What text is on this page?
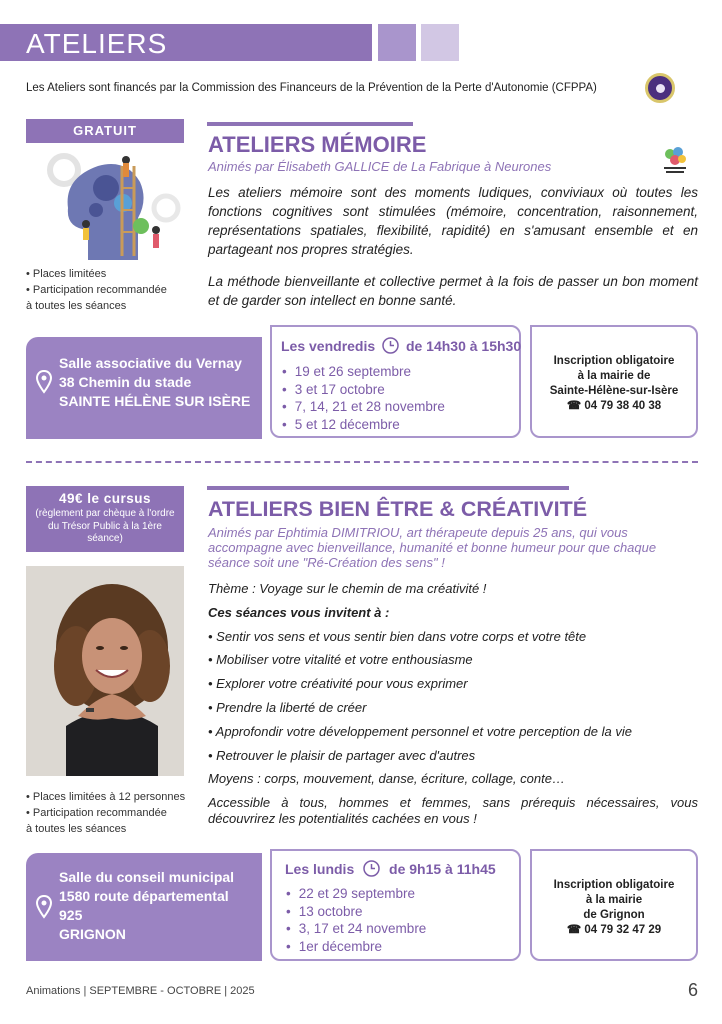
ATELIERS
Les Ateliers sont financés par la Commission des Financeurs de la Prévention de la Perte d'Autonomie (CFPPA)
GRATUIT
• Places limitées
• Participation recommandée
à toutes les séances
ATELIERS MÉMOIRE
Animés par Élisabeth GALLICE de La Fabrique à Neurones
Les ateliers mémoire sont des moments ludiques, conviviaux où toutes les fonctions cognitives sont stimulées (mémoire, concentration, raisonnement, représentations spatiales, flexibilité, rapidité) en s'amusant ensemble et en partageant nos propres stratégies.
La méthode bienveillante et collective permet à la fois de passer un bon moment et de garder son intellect en bonne santé.
Salle associative du Vernay
38 Chemin du stade
SAINTE HÉLÈNE SUR ISÈRE
Les vendredis de 14h30 à 15h30
• 19 et 26 septembre
• 3 et 17 octobre
• 7, 14, 21 et 28 novembre
• 5 et 12 décembre
Inscription obligatoire
à la mairie de
Sainte-Hélène-sur-Isère
☎ 04 79 38 40 38
49€ le cursus
(règlement par chèque à l'ordre du Trésor Public à la 1ère séance)
• Places limitées à 12 personnes
• Participation recommandée
à toutes les séances
ATELIERS BIEN ÊTRE & CRÉATIVITÉ
Animés par Ephtimia DIMITRIOU, art thérapeute depuis 25 ans, qui vous accompagne avec bienveillance, humanité et bonne humeur pour que chaque séance soit une "Ré-Création des sens" !
Thème : Voyage sur le chemin de ma créativité !
Ces séances vous invitent à :
• Sentir vos sens et vous sentir bien dans votre corps et votre tête
• Mobiliser votre vitalité et votre enthousiasme
• Explorer votre créativité pour vous exprimer
• Prendre la liberté de créer
• Approfondir votre développement personnel et votre perception de la vie
• Retrouver le plaisir de partager avec d'autres
Moyens : corps, mouvement, danse, écriture, collage, conte…
Accessible à tous, hommes et femmes, sans prérequis nécessaires, vous découvrirez les potentialités cachées en vous !
Salle du conseil municipal
1580 route départemental
925
GRIGNON
Les lundis de 9h15 à 11h45
• 22 et 29 septembre
• 13 octobre
• 3, 17 et 24 novembre
• 1er décembre
Inscription obligatoire
à la mairie
de Grignon
☎ 04 79 32 47 29
Animations | SEPTEMBRE - OCTOBRE | 2025	6
